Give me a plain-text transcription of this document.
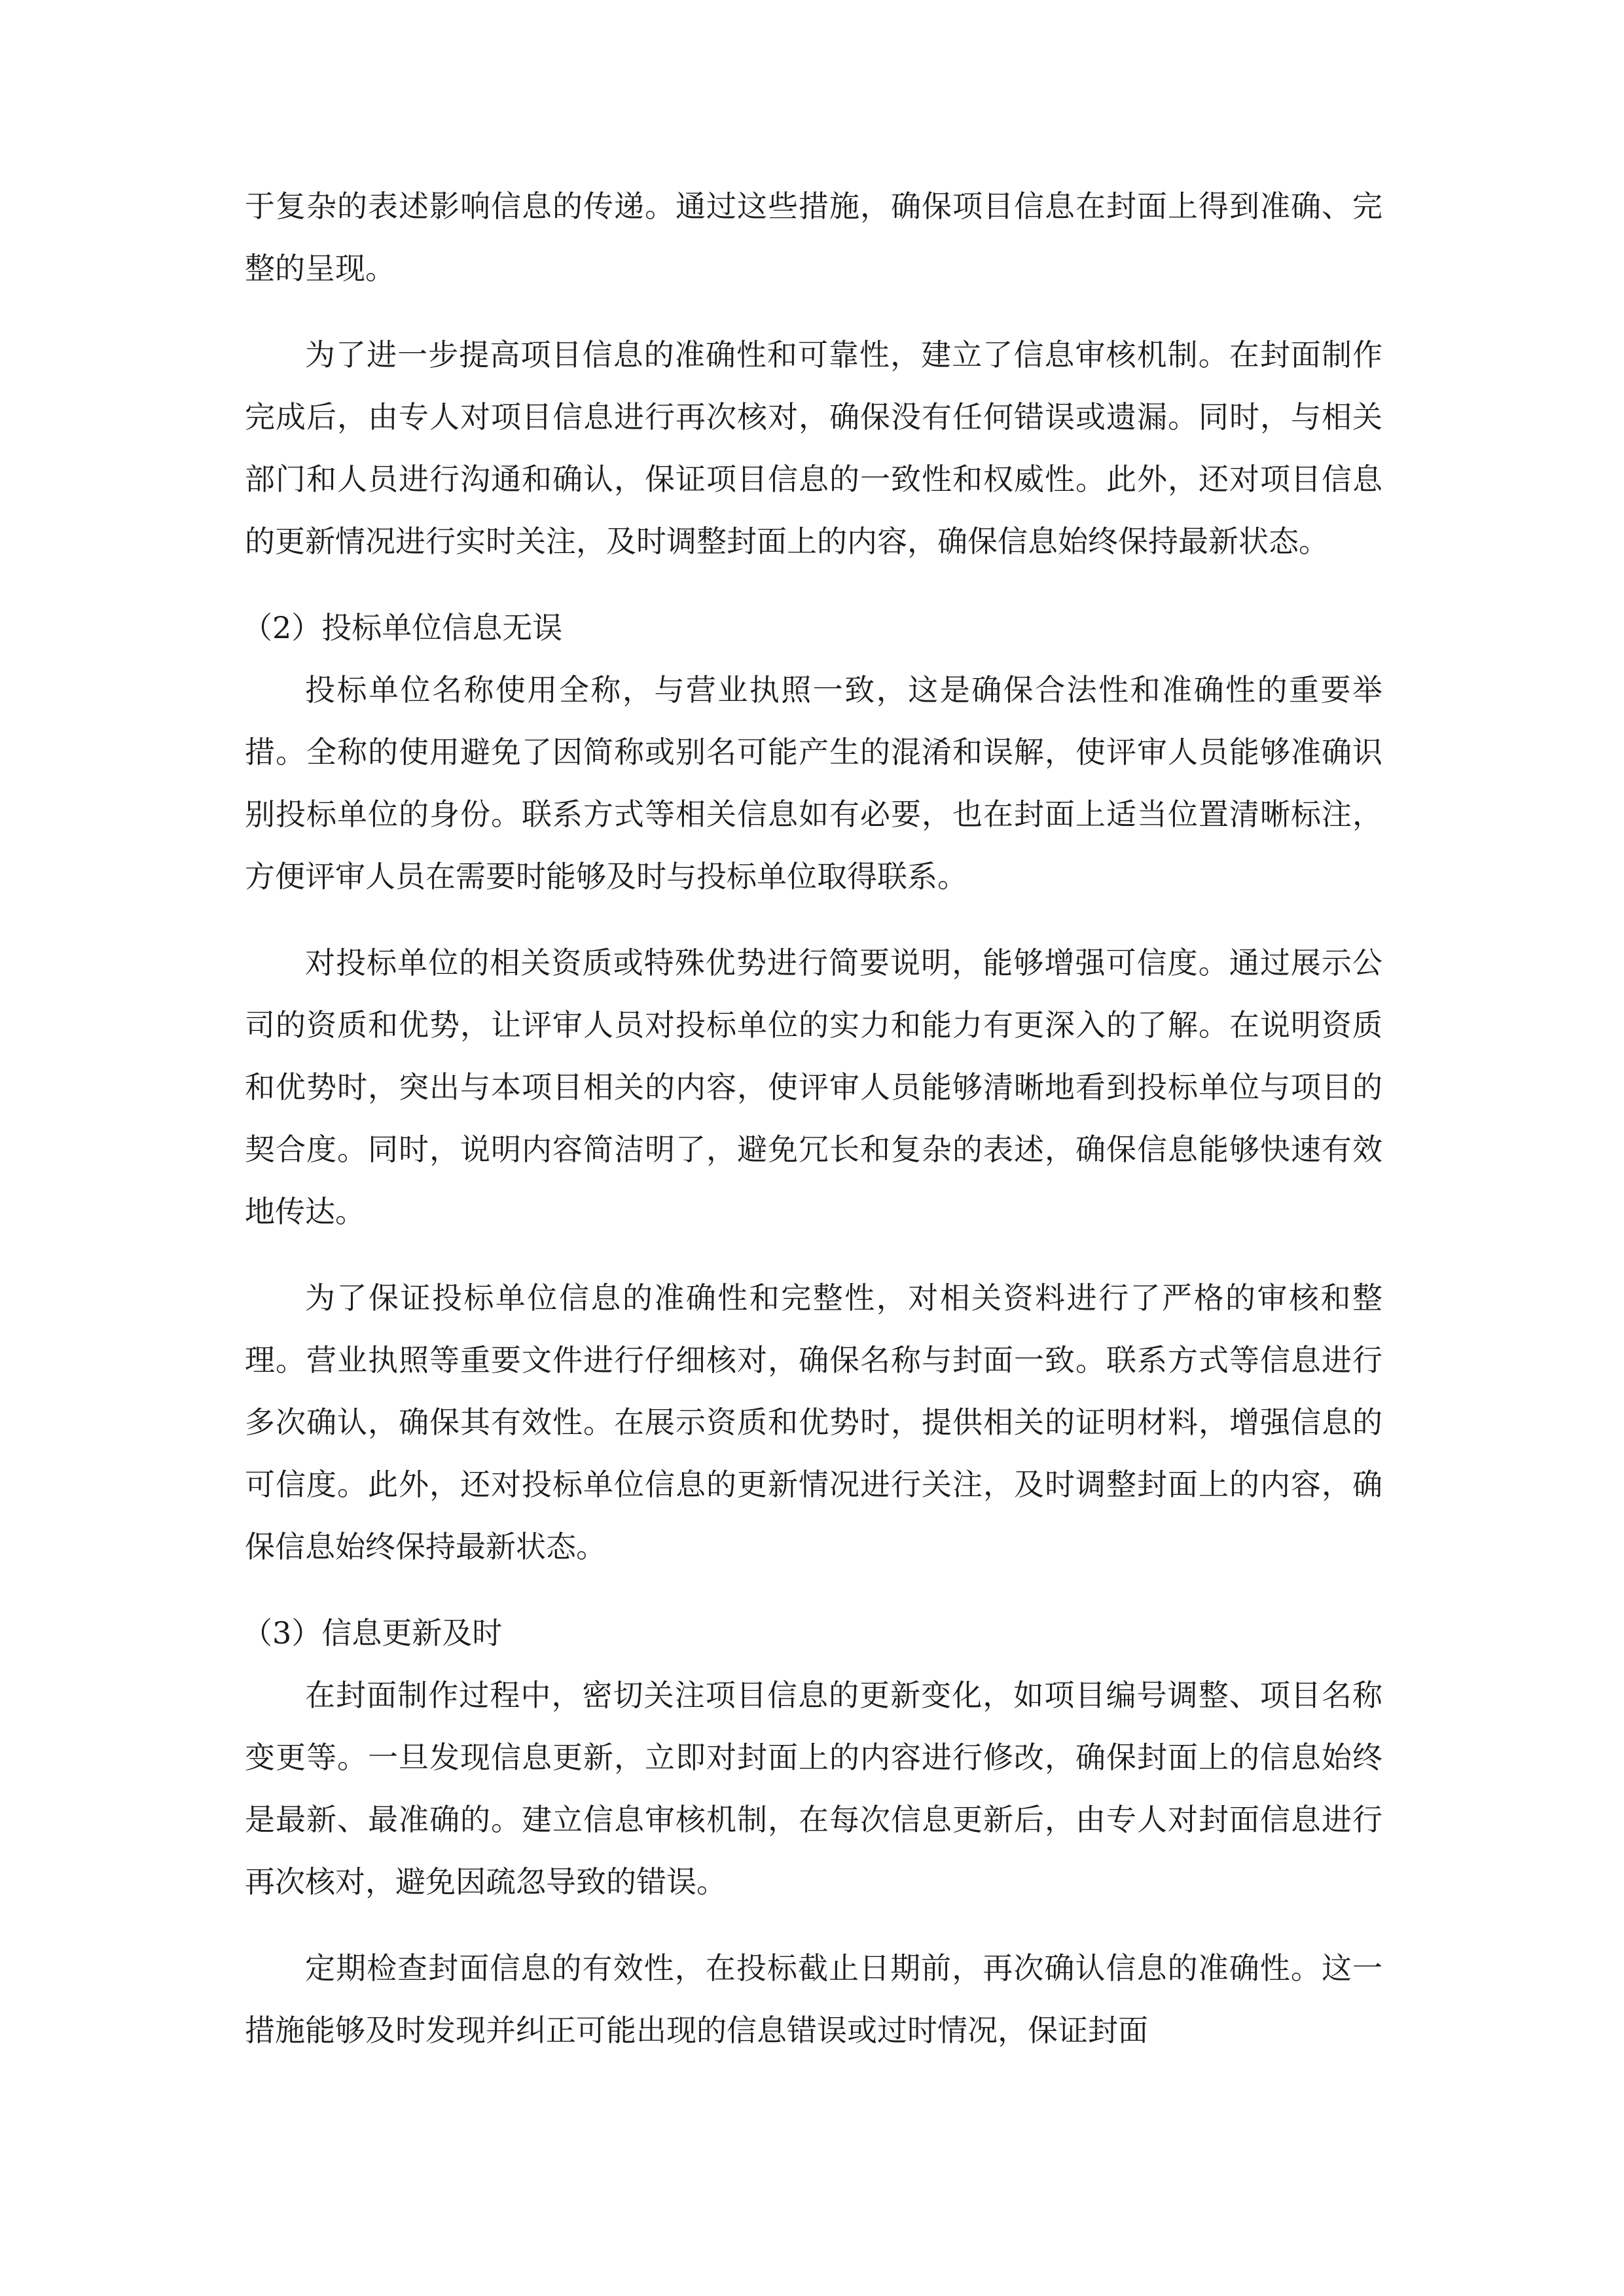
于复杂的表述影响信息的传递。通过这些措施，确保项目信息在封面上得到准确、完整的呈现。

为了进一步提高项目信息的准确性和可靠性，建立了信息审核机制。在封面制作完成后，由专人对项目信息进行再次核对，确保没有任何错误或遗漏。同时，与相关部门和人员进行沟通和确认，保证项目信息的一致性和权威性。此外，还对项目信息的更新情况进行实时关注，及时调整封面上的内容，确保信息始终保持最新状态。

（2）投标单位信息无误

投标单位名称使用全称，与营业执照一致，这是确保合法性和准确性的重要举措。全称的使用避免了因简称或别名可能产生的混淆和误解，使评审人员能够准确识别投标单位的身份。联系方式等相关信息如有必要，也在封面上适当位置清晰标注，方便评审人员在需要时能够及时与投标单位取得联系。

对投标单位的相关资质或特殊优势进行简要说明，能够增强可信度。通过展示公司的资质和优势，让评审人员对投标单位的实力和能力有更深入的了解。在说明资质和优势时，突出与本项目相关的内容，使评审人员能够清晰地看到投标单位与项目的契合度。同时，说明内容简洁明了，避免冗长和复杂的表述，确保信息能够快速有效地传达。

为了保证投标单位信息的准确性和完整性，对相关资料进行了严格的审核和整理。营业执照等重要文件进行仔细核对，确保名称与封面一致。联系方式等信息进行多次确认，确保其有效性。在展示资质和优势时，提供相关的证明材料，增强信息的可信度。此外，还对投标单位信息的更新情况进行关注，及时调整封面上的内容，确保信息始终保持最新状态。

（3）信息更新及时

在封面制作过程中，密切关注项目信息的更新变化，如项目编号调整、项目名称变更等。一旦发现信息更新，立即对封面上的内容进行修改，确保封面上的信息始终是最新、最准确的。建立信息审核机制，在每次信息更新后，由专人对封面信息进行再次核对，避免因疏忽导致的错误。

定期检查封面信息的有效性，在投标截止日期前，再次确认信息的准确性。这一措施能够及时发现并纠正可能出现的信息错误或过时情况，保证封面
